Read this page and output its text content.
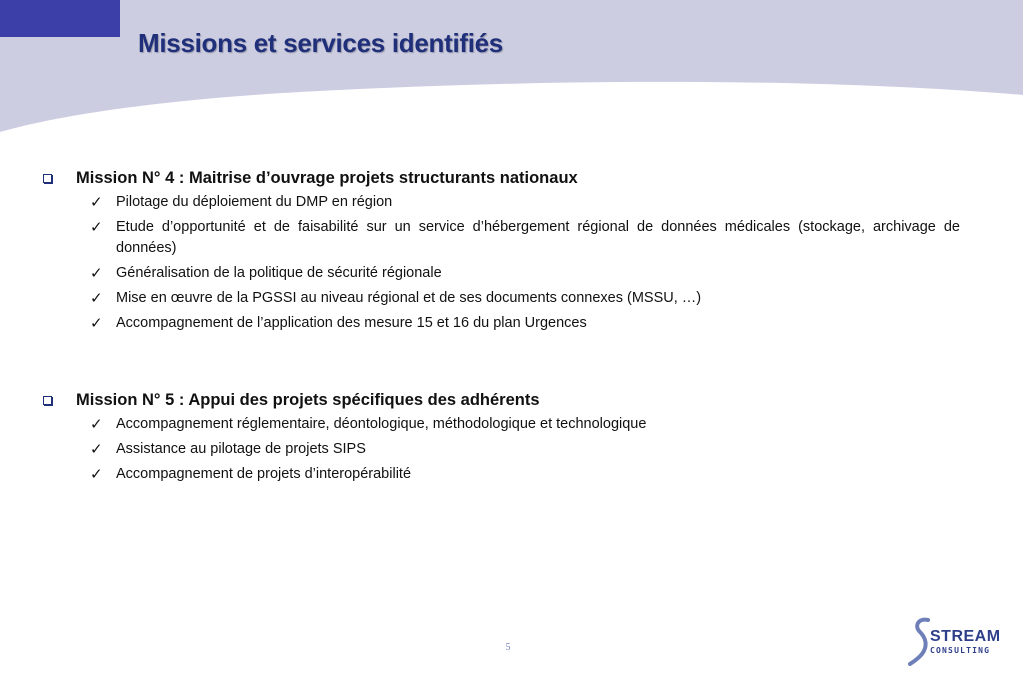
Missions et services identifiés
Mission N° 4 : Maitrise d’ouvrage projets structurants nationaux
✓ Pilotage du déploiement du DMP en région
✓ Etude d’opportunité et de faisabilité sur un service d’hébergement régional de données médicales (stockage, archivage de données)
✓ Généralisation de la politique de sécurité régionale
✓ Mise en œuvre de la PGSSI au niveau régional et de ses documents connexes (MSSU, …)
✓ Accompagnement de l’application des mesure 15 et 16 du plan Urgences
Mission N° 5 : Appui des projets spécifiques des adhérents
✓ Accompagnement réglementaire, déontologique, méthodologique et technologique
✓ Assistance au pilotage de projets SIPS
✓ Accompagnement de projets d’interopérabilité
5
STREAM
CONSULTING
